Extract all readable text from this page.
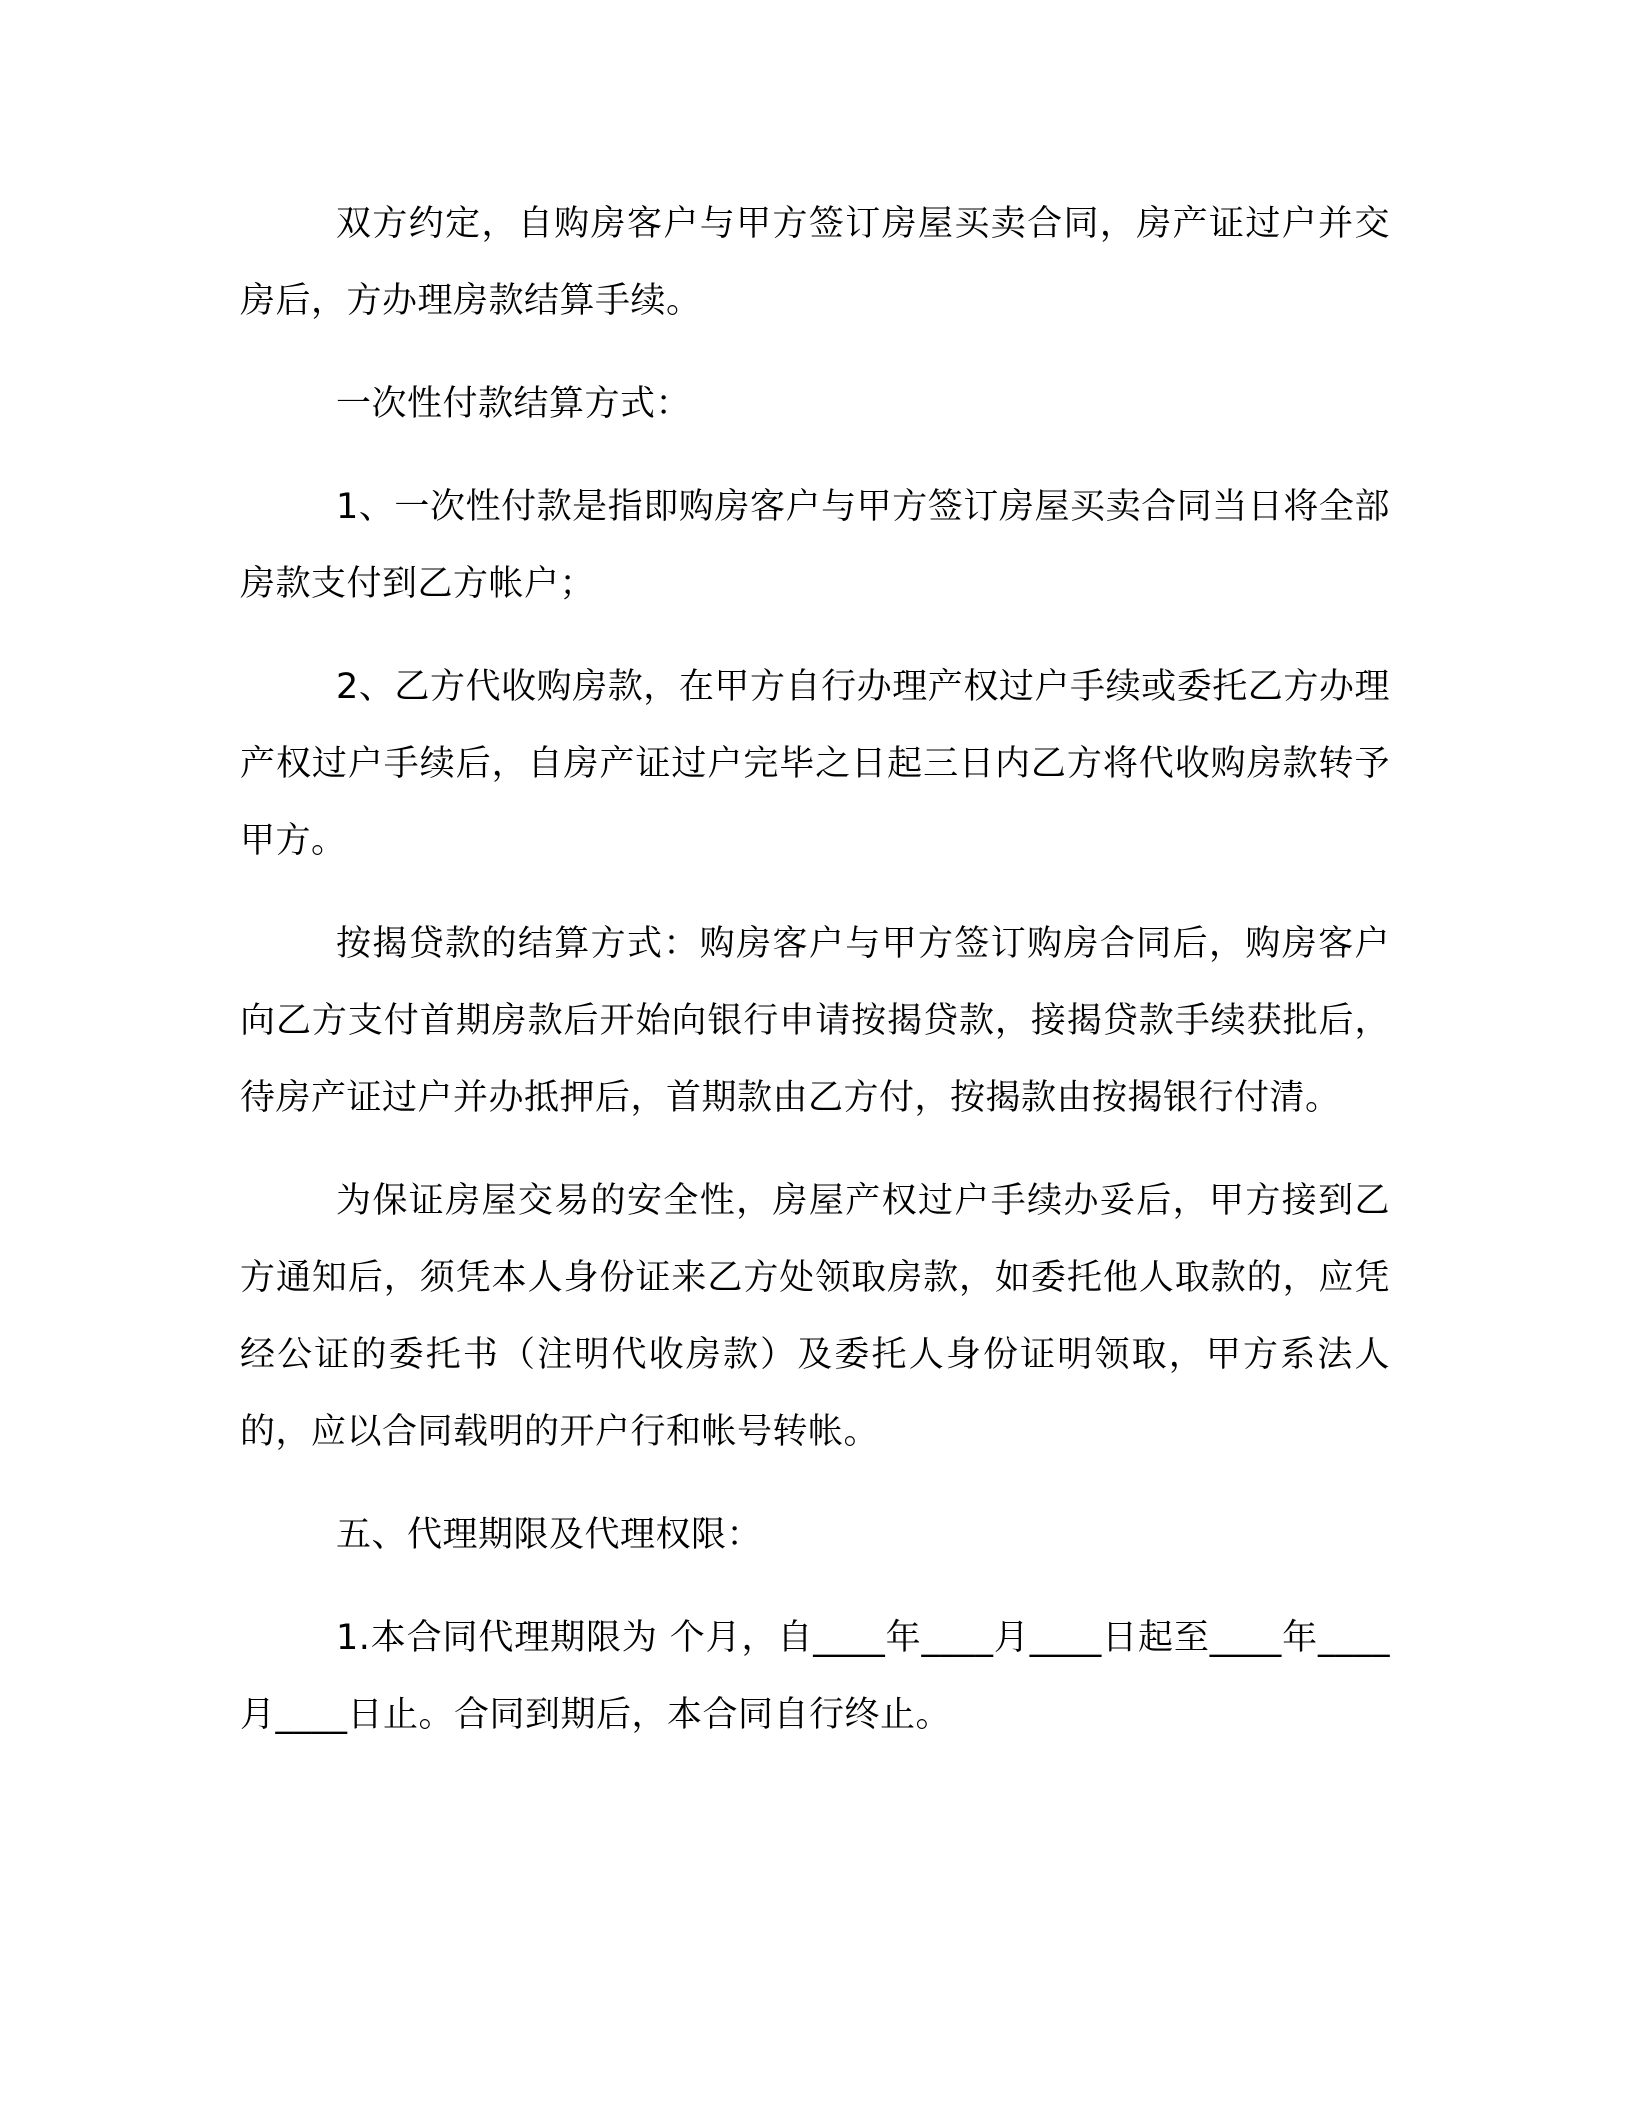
双方约定，自购房客户与甲方签订房屋买卖合同，房产证过户并交房后，方办理房款结算手续。

一次性付款结算方式：

1、一次性付款是指即购房客户与甲方签订房屋买卖合同当日将全部房款支付到乙方帐户；

2、乙方代收购房款，在甲方自行办理产权过户手续或委托乙方办理产权过户手续后，自房产证过户完毕之日起三日内乙方将代收购房款转予甲方。

按揭贷款的结算方式：购房客户与甲方签订购房合同后，购房客户向乙方支付首期房款后开始向银行申请按揭贷款，接揭贷款手续获批后，待房产证过户并办抵押后，首期款由乙方付，按揭款由按揭银行付清。

为保证房屋交易的安全性，房屋产权过户手续办妥后，甲方接到乙方通知后，须凭本人身份证来乙方处领取房款，如委托他人取款的，应凭经公证的委托书（注明代收房款）及委托人身份证明领取，甲方系法人的，应以合同载明的开户行和帐号转帐。

五、代理期限及代理权限：

1.本合同代理期限为 个月，自____年____月____日起至____年____月____日止。合同到期后，本合同自行终止。
